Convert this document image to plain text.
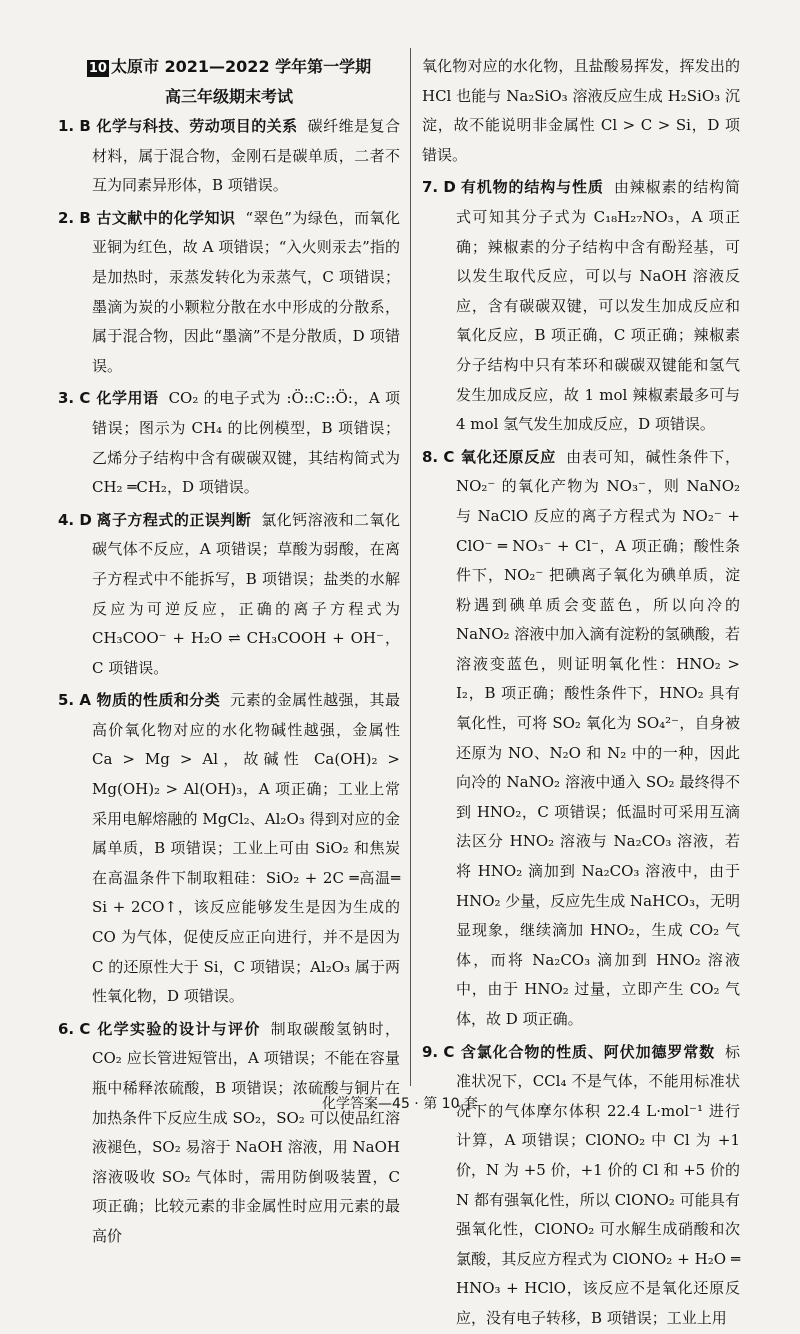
10 太原市 2021—2022 学年第一学期
高三年级期末考试

1. B 化学与科技、劳动项目的关系 碳纤维是复合材料，属于混合物，金刚石是碳单质，二者不互为同素异形体，B 项错误。

2. B 古文献中的化学知识 “翠色”为绿色，而氧化亚铜为红色，故 A 项错误；“入火则汞去”指的是加热时，汞蒸发转化为汞蒸气，C 项错误；墨滴为炭的小颗粒分散在水中形成的分散系，属于混合物，因此“墨滴”不是分散质，D 项错误。

3. C 化学用语 CO₂ 的电子式为 :Ö::C::Ö:，A 项错误；图示为 CH₄ 的比例模型，B 项错误；乙烯分子结构中含有碳碳双键，其结构简式为 CH₂ ═CH₂，D 项错误。

4. D 离子方程式的正误判断 氯化钙溶液和二氧化碳气体不反应，A 项错误；草酸为弱酸，在离子方程式中不能拆写，B 项错误；盐类的水解反应为可逆反应，正确的离子方程式为 CH₃COO⁻ + H₂O ⇌ CH₃COOH + OH⁻，C 项错误。

5. A 物质的性质和分类 元素的金属性越强，其最高价氧化物对应的水化物碱性越强，金属性 Ca > Mg > Al，故碱性 Ca(OH)₂ > Mg(OH)₂ > Al(OH)₃，A 项正确；工业上常采用电解熔融的 MgCl₂、Al₂O₃ 得到对应的金属单质，B 项错误；工业上可由 SiO₂ 和焦炭在高温条件下制取粗硅：SiO₂ + 2C ═高温═ Si + 2CO↑，该反应能够发生是因为生成的 CO 为气体，促使反应正向进行，并不是因为 C 的还原性大于 Si，C 项错误；Al₂O₃ 属于两性氧化物，D 项错误。

6. C 化学实验的设计与评价 制取碳酸氢钠时，CO₂ 应长管进短管出，A 项错误；不能在容量瓶中稀释浓硫酸，B 项错误；浓硫酸与铜片在加热条件下反应生成 SO₂，SO₂ 可以使品红溶液褪色，SO₂ 易溶于 NaOH 溶液，用 NaOH 溶液吸收 SO₂ 气体时，需用防倒吸装置，C 项正确；比较元素的非金属性时应用元素的最高价

氧化物对应的水化物，且盐酸易挥发，挥发出的 HCl 也能与 Na₂SiO₃ 溶液反应生成 H₂SiO₃ 沉淀，故不能说明非金属性 Cl > C > Si，D 项错误。

7. D 有机物的结构与性质 由辣椒素的结构简式可知其分子式为 C₁₈H₂₇NO₃，A 项正确；辣椒素的分子结构中含有酚羟基，可以发生取代反应，可以与 NaOH 溶液反应，含有碳碳双键，可以发生加成反应和氧化反应，B 项正确，C 项正确；辣椒素分子结构中只有苯环和碳碳双键能和氢气发生加成反应，故 1 mol 辣椒素最多可与 4 mol 氢气发生加成反应，D 项错误。

8. C 氧化还原反应 由表可知，碱性条件下，NO₂⁻ 的氧化产物为 NO₃⁻，则 NaNO₂ 与 NaClO 反应的离子方程式为 NO₂⁻ + ClO⁻ ═ NO₃⁻ + Cl⁻，A 项正确；酸性条件下，NO₂⁻ 把碘离子氧化为碘单质，淀粉遇到碘单质会变蓝色，所以向冷的 NaNO₂ 溶液中加入滴有淀粉的氢碘酸，若溶液变蓝色，则证明氧化性：HNO₂ > I₂，B 项正确；酸性条件下，HNO₂ 具有氧化性，可将 SO₂ 氧化为 SO₄²⁻，自身被还原为 NO、N₂O 和 N₂ 中的一种，因此向冷的 NaNO₂ 溶液中通入 SO₂ 最终得不到 HNO₂，C 项错误；低温时可采用互滴法区分 HNO₂ 溶液与 Na₂CO₃ 溶液，若将 HNO₂ 滴加到 Na₂CO₃ 溶液中，由于 HNO₂ 少量，反应先生成 NaHCO₃，无明显现象，继续滴加 HNO₂，生成 CO₂ 气体，而将 Na₂CO₃ 滴加到 HNO₂ 溶液中，由于 HNO₂ 过量，立即产生 CO₂ 气体，故 D 项正确。

9. C 含氯化合物的性质、阿伏加德罗常数 标准状况下，CCl₄ 不是气体，不能用标准状况下的气体摩尔体积 22.4 L·mol⁻¹ 进行计算，A 项错误；ClONO₂ 中 Cl 为 +1 价，N 为 +5 价，+1 价的 Cl 和 +5 价的 N 都有强氧化性，所以 ClONO₂ 可能具有强氧化性，ClONO₂ 可水解生成硝酸和次氯酸，其反应方程式为 ClONO₂ + H₂O ═ HNO₃ + HClO，该反应不是氧化还原反应，没有电子转移，B 项错误；工业上用

化学答案—45 · 第 10 套
